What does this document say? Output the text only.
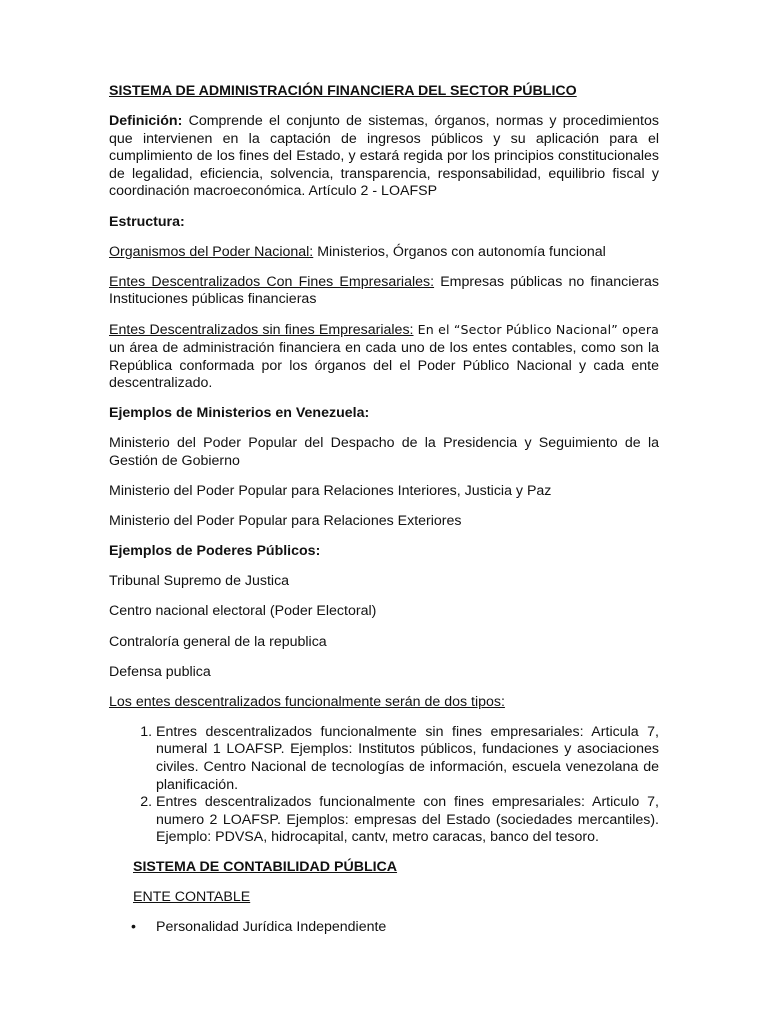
SISTEMA DE ADMINISTRACIÓN FINANCIERA DEL SECTOR PÚBLICO

Definición: Comprende el conjunto de sistemas, órganos, normas y procedimientos que intervienen en la captación de ingresos públicos y su aplicación para el cumplimiento de los fines del Estado, y estará regida por los principios constitucionales de legalidad, eficiencia, solvencia, transparencia, responsabilidad, equilibrio fiscal y coordinación macroeconómica. Artículo 2 - LOAFSP

Estructura:

Organismos del Poder Nacional: Ministerios, Órganos con autonomía funcional

Entes Descentralizados Con Fines Empresariales: Empresas públicas no financieras Instituciones públicas financieras

Entes Descentralizados sin fines Empresariales: En el “Sector Público Nacional” opera un área de administración financiera en cada uno de los entes contables, como son la República conformada por los órganos del el Poder Público Nacional y cada ente descentralizado.

Ejemplos de Ministerios en Venezuela:

Ministerio del Poder Popular del Despacho de la Presidencia y Seguimiento de la Gestión de Gobierno

Ministerio del Poder Popular para Relaciones Interiores, Justicia y Paz

Ministerio del Poder Popular para Relaciones Exteriores

Ejemplos de Poderes Públicos:

Tribunal Supremo de Justica

Centro nacional electoral (Poder Electoral)

Contraloría general de la republica

Defensa publica

Los entes descentralizados funcionalmente serán de dos tipos:

1. Entres descentralizados funcionalmente sin fines empresariales: Articula 7, numeral 1 LOAFSP. Ejemplos: Institutos públicos, fundaciones y asociaciones civiles. Centro Nacional de tecnologías de información, escuela venezolana de planificación.
2. Entres descentralizados funcionalmente con fines empresariales: Articulo 7, numero 2 LOAFSP. Ejemplos: empresas del Estado (sociedades mercantiles). Ejemplo: PDVSA, hidrocapital, cantv, metro caracas, banco del tesoro.

SISTEMA DE CONTABILIDAD PÚBLICA

ENTE CONTABLE

•	Personalidad Jurídica Independiente
